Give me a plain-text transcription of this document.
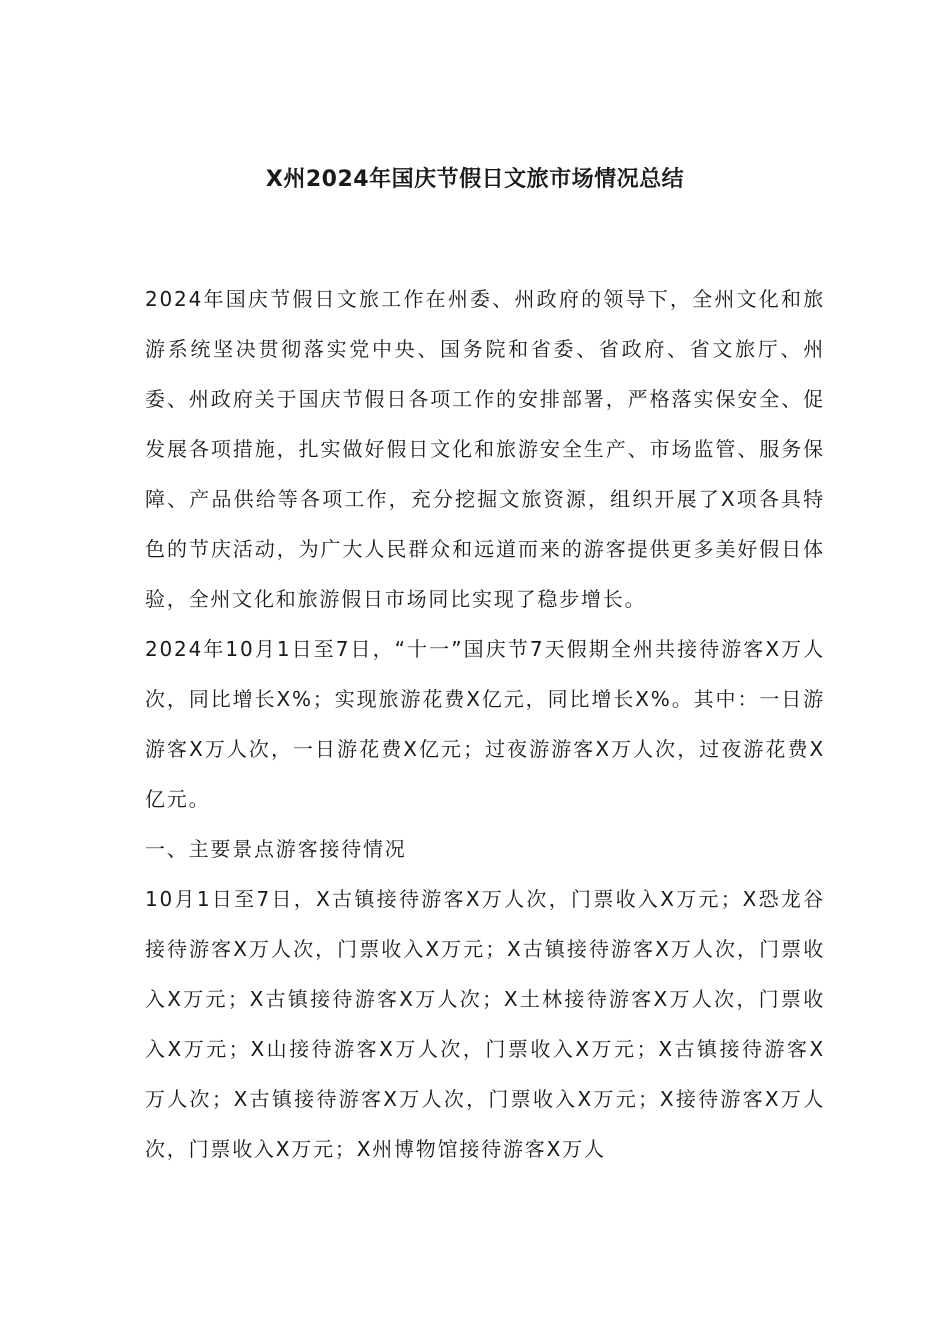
X州2024年国庆节假日文旅市场情况总结

2024年国庆节假日文旅工作在州委、州政府的领导下，全州文化和旅游系统坚决贯彻落实党中央、国务院和省委、省政府、省文旅厅、州委、州政府关于国庆节假日各项工作的安排部署，严格落实保安全、促发展各项措施，扎实做好假日文化和旅游安全生产、市场监管、服务保障、产品供给等各项工作，充分挖掘文旅资源，组织开展了X项各具特色的节庆活动，为广大人民群众和远道而来的游客提供更多美好假日体验，全州文化和旅游假日市场同比实现了稳步增长。

2024年10月1日至7日，“十一”国庆节7天假期全州共接待游客X万人次，同比增长X%；实现旅游花费X亿元，同比增长X%。其中：一日游游客X万人次，一日游花费X亿元；过夜游游客X万人次，过夜游花费X亿元。

一、主要景点游客接待情况

10月1日至7日，X古镇接待游客X万人次，门票收入X万元；X恐龙谷接待游客X万人次，门票收入X万元；X古镇接待游客X万人次，门票收入X万元；X古镇接待游客X万人次；X土林接待游客X万人次，门票收入X万元；X山接待游客X万人次，门票收入X万元；X古镇接待游客X万人次；X古镇接待游客X万人次，门票收入X万元；X接待游客X万人次，门票收入X万元；X州博物馆接待游客X万人
